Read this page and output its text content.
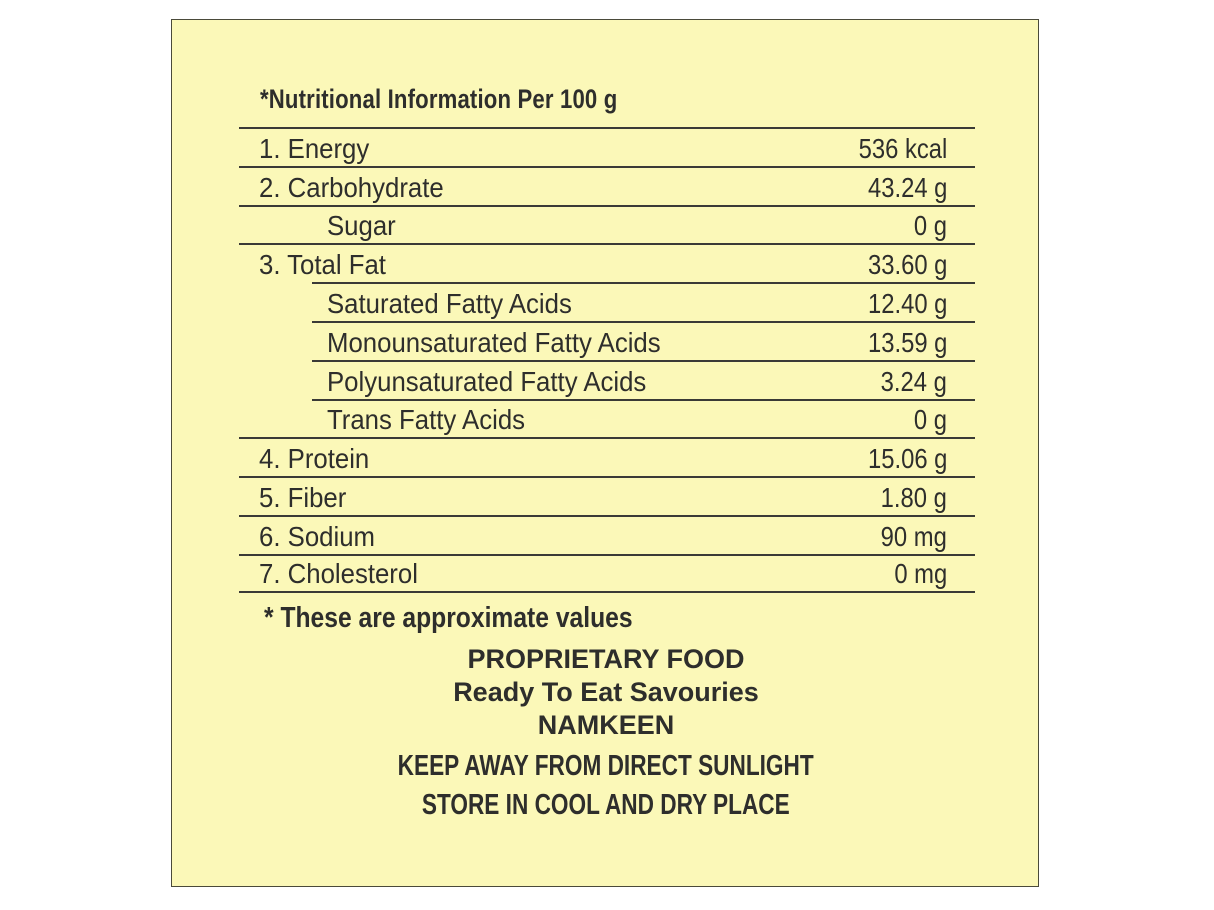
*Nutritional Information Per 100 g
1. Energy	536 kcal
2. Carbohydrate	43.24 g
Sugar	0 g
3. Total Fat	33.60 g
Saturated Fatty Acids	12.40 g
Monounsaturated Fatty Acids	13.59 g
Polyunsaturated Fatty Acids	3.24 g
Trans Fatty Acids	0 g
4. Protein	15.06 g
5. Fiber	1.80 g
6. Sodium	90 mg
7. Cholesterol	0 mg
* These are approximate values
PROPRIETARY FOOD
Ready To Eat Savouries
NAMKEEN
KEEP AWAY FROM DIRECT SUNLIGHT
STORE IN COOL AND DRY PLACE
